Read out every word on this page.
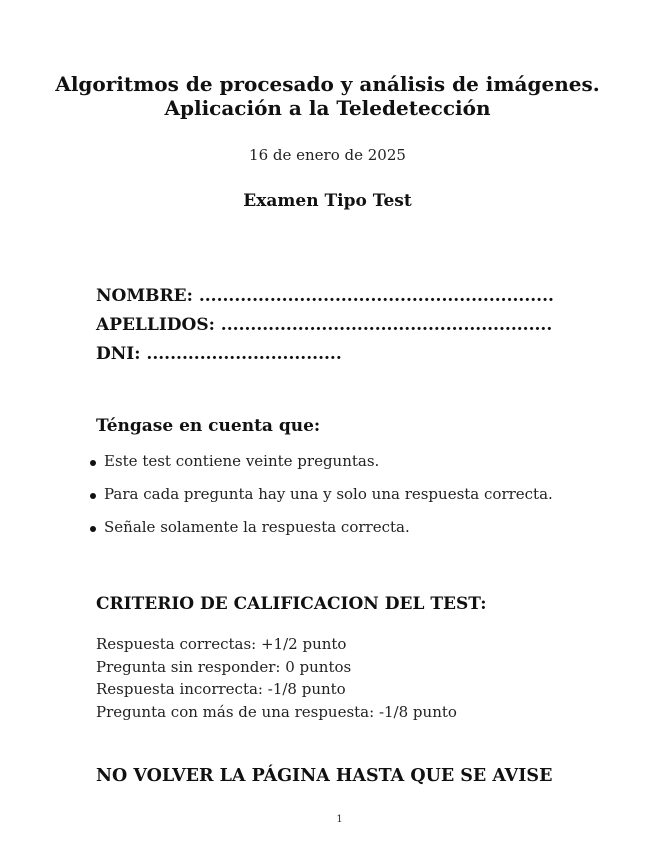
Algoritmos de procesado y análisis de imágenes.
Aplicación a la Teledetección
16 de enero de 2025
Examen Tipo Test
NOMBRE: ............................................................
APELLIDOS: ........................................................
DNI: .................................
Téngase en cuenta que:
Este test contiene veinte preguntas.
Para cada pregunta hay una y solo una respuesta correcta.
Señale solamente la respuesta correcta.
CRITERIO DE CALIFICACION DEL TEST:
Respuesta correctas: +1/2 punto
Pregunta sin responder: 0 puntos
Respuesta incorrecta: -1/8 punto
Pregunta con más de una respuesta: -1/8 punto
NO VOLVER LA PÁGINA HASTA QUE SE AVISE
1
